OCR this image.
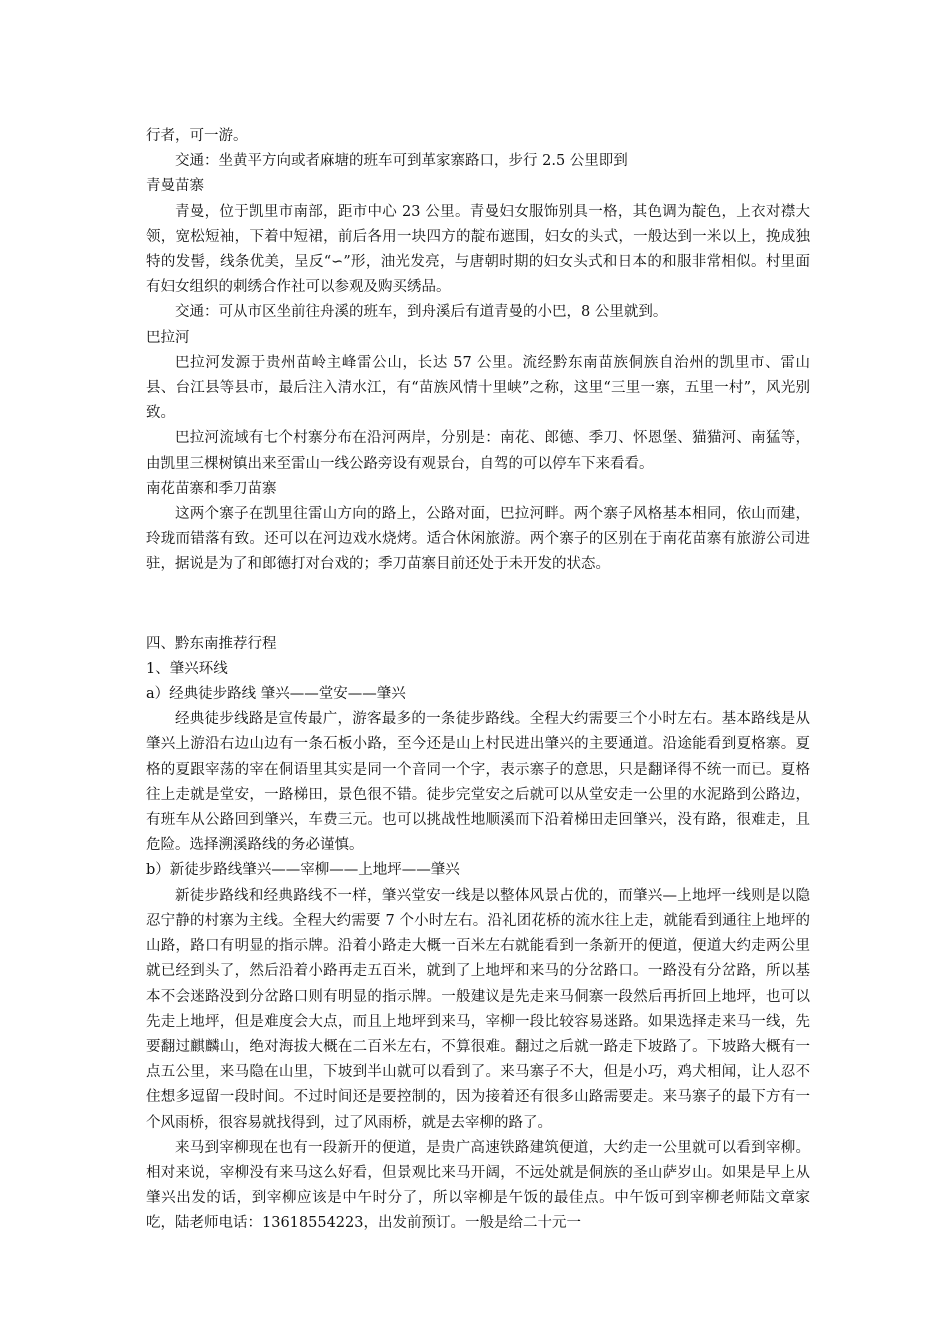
行者，可一游。

交通：坐黄平方向或者麻塘的班车可到革家寨路口，步行 2.5 公里即到

青曼苗寨

青曼，位于凯里市南部，距市中心 23 公里。青曼妇女服饰别具一格，其色调为靛色，上衣对襟大领，宽松短袖，下着中短裙，前后各用一块四方的靛布遮围，妇女的头式，一般达到一米以上，挽成独特的发髻，线条优美，呈反“∽”形，油光发亮，与唐朝时期的妇女头式和日本的和服非常相似。村里面有妇女组织的刺绣合作社可以参观及购买绣品。

交通：可从市区坐前往舟溪的班车，到舟溪后有道青曼的小巴，8 公里就到。

巴拉河

巴拉河发源于贵州苗岭主峰雷公山，长达 57 公里。流经黔东南苗族侗族自治州的凯里市、雷山县、台江县等县市，最后注入清水江，有“苗族风情十里峡”之称，这里“三里一寨，五里一村”，风光别致。

巴拉河流域有七个村寨分布在沿河两岸，分别是：南花、郎德、季刀、怀恩堡、猫猫河、南猛等，由凯里三棵树镇出来至雷山一线公路旁设有观景台，自驾的可以停车下来看看。

南花苗寨和季刀苗寨

这两个寨子在凯里往雷山方向的路上，公路对面，巴拉河畔。两个寨子风格基本相同，依山而建，玲珑而错落有致。还可以在河边戏水烧烤。适合休闲旅游。两个寨子的区别在于南花苗寨有旅游公司进驻，据说是为了和郎德打对台戏的；季刀苗寨目前还处于未开发的状态。

四、黔东南推荐行程

1、肇兴环线

a）经典徒步路线 肇兴——堂安——肇兴

经典徒步线路是宣传最广，游客最多的一条徒步路线。全程大约需要三个小时左右。基本路线是从肇兴上游沿右边山边有一条石板小路，至今还是山上村民进出肇兴的主要通道。沿途能看到夏格寨。夏格的夏跟宰荡的宰在侗语里其实是同一个音同一个字，表示寨子的意思，只是翻译得不统一而已。夏格往上走就是堂安，一路梯田，景色很不错。徒步完堂安之后就可以从堂安走一公里的水泥路到公路边，有班车从公路回到肇兴，车费三元。也可以挑战性地顺溪而下沿着梯田走回肇兴，没有路，很难走，且危险。选择溯溪路线的务必谨慎。

b）新徒步路线肇兴——宰柳——上地坪——肇兴

新徒步路线和经典路线不一样，肇兴堂安一线是以整体风景占优的，而肇兴—上地坪一线则是以隐忍宁静的村寨为主线。全程大约需要 7 个小时左右。沿礼团花桥的流水往上走，就能看到通往上地坪的山路，路口有明显的指示牌。沿着小路走大概一百米左右就能看到一条新开的便道，便道大约走两公里就已经到头了，然后沿着小路再走五百米，就到了上地坪和来马的分岔路口。一路没有分岔路，所以基本不会迷路没到分岔路口则有明显的指示牌。一般建议是先走来马侗寨一段然后再折回上地坪，也可以先走上地坪，但是难度会大点，而且上地坪到来马，宰柳一段比较容易迷路。如果选择走来马一线，先要翻过麒麟山，绝对海拔大概在二百米左右，不算很难。翻过之后就一路走下坡路了。下坡路大概有一点五公里，来马隐在山里，下坡到半山就可以看到了。来马寨子不大，但是小巧，鸡犬相闻，让人忍不住想多逗留一段时间。不过时间还是要控制的，因为接着还有很多山路需要走。来马寨子的最下方有一个风雨桥，很容易就找得到，过了风雨桥，就是去宰柳的路了。

来马到宰柳现在也有一段新开的便道，是贵广高速铁路建筑便道，大约走一公里就可以看到宰柳。相对来说，宰柳没有来马这么好看，但景观比来马开阔，不远处就是侗族的圣山萨岁山。如果是早上从肇兴出发的话，到宰柳应该是中午时分了，所以宰柳是午饭的最佳点。中午饭可到宰柳老师陆文章家吃，陆老师电话：13618554223，出发前预订。一般是给二十元一
